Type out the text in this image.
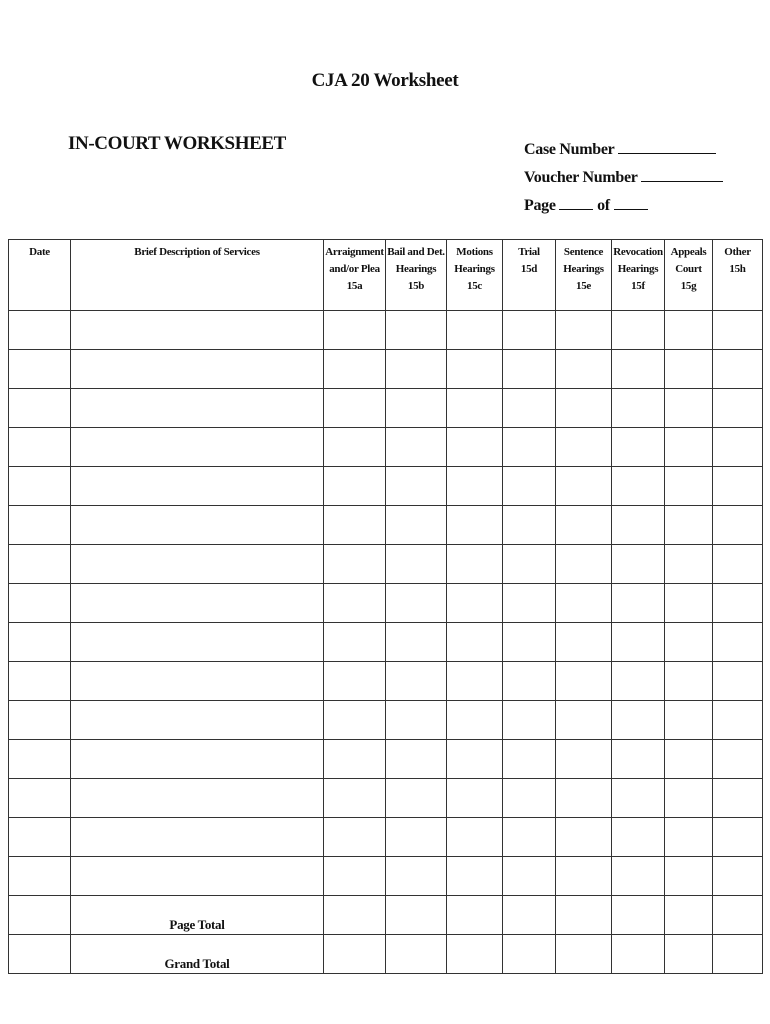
CJA 20 Worksheet
IN-COURT WORKSHEET	Case Number
Voucher Number
Page	of
Date	Brief Description of Services	Arraignment
and/or Plea
15a	Bail and Det.
Hearings
15b	Motions
Hearings
15c	Trial
15d	Sentence
Hearings
15e	Revocation
Hearings
15f	Appeals
Court
15g	Other
15h

	Page Total								
	Grand Total								
